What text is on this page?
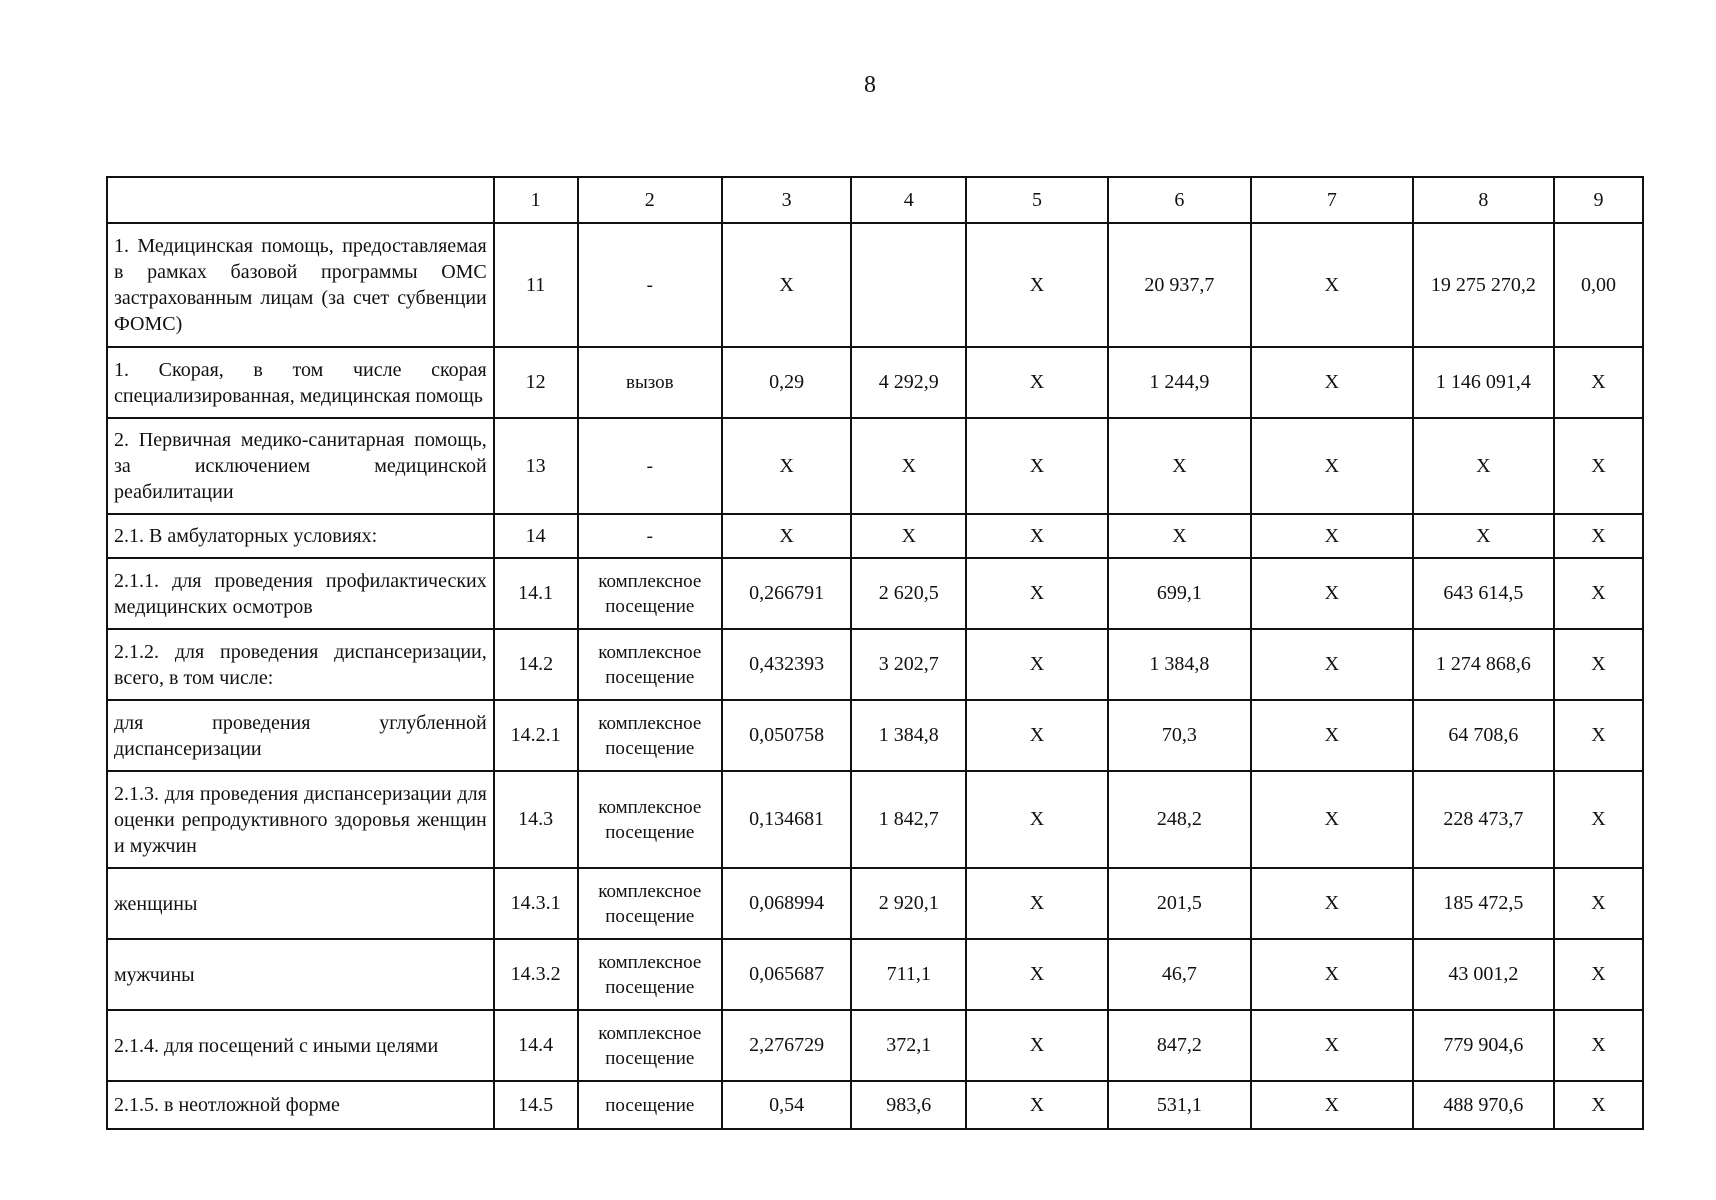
8
	1	2	3	4	5	6	7	8	9
1. Медицинская помощь, предоставляемая в рамках базовой программы ОМС застрахованным лицам (за счет субвенции ФОМС)	11	-	Х		Х	20 937,7	Х	19 275 270,2	0,00
1. Скорая, в том числе скорая специализированная, медицинская помощь	12	вызов	0,29	4 292,9	Х	1 244,9	Х	1 146 091,4	Х
2. Первичная медико-санитарная помощь, за исключением медицинской реабилитации	13	-	Х	Х	Х	Х	Х	Х	Х
2.1. В амбулаторных условиях:	14	-	Х	Х	Х	Х	Х	Х	Х
2.1.1. для проведения профилактических медицинских осмотров	14.1	комплексное посещение	0,266791	2 620,5	Х	699,1	Х	643 614,5	Х
2.1.2. для проведения диспансеризации, всего, в том числе:	14.2	комплексное посещение	0,432393	3 202,7	Х	1 384,8	Х	1 274 868,6	Х
для проведения углубленной диспансеризации	14.2.1	комплексное посещение	0,050758	1 384,8	Х	70,3	Х	64 708,6	Х
2.1.3. для проведения диспансеризации для оценки репродуктивного здоровья женщин и мужчин	14.3	комплексное посещение	0,134681	1 842,7	Х	248,2	Х	228 473,7	Х
женщины	14.3.1	комплексное посещение	0,068994	2 920,1	Х	201,5	Х	185 472,5	Х
мужчины	14.3.2	комплексное посещение	0,065687	711,1	Х	46,7	Х	43 001,2	Х
2.1.4. для посещений с иными целями	14.4	комплексное посещение	2,276729	372,1	Х	847,2	Х	779 904,6	Х
2.1.5. в неотложной форме	14.5	посещение	0,54	983,6	Х	531,1	Х	488 970,6	Х
